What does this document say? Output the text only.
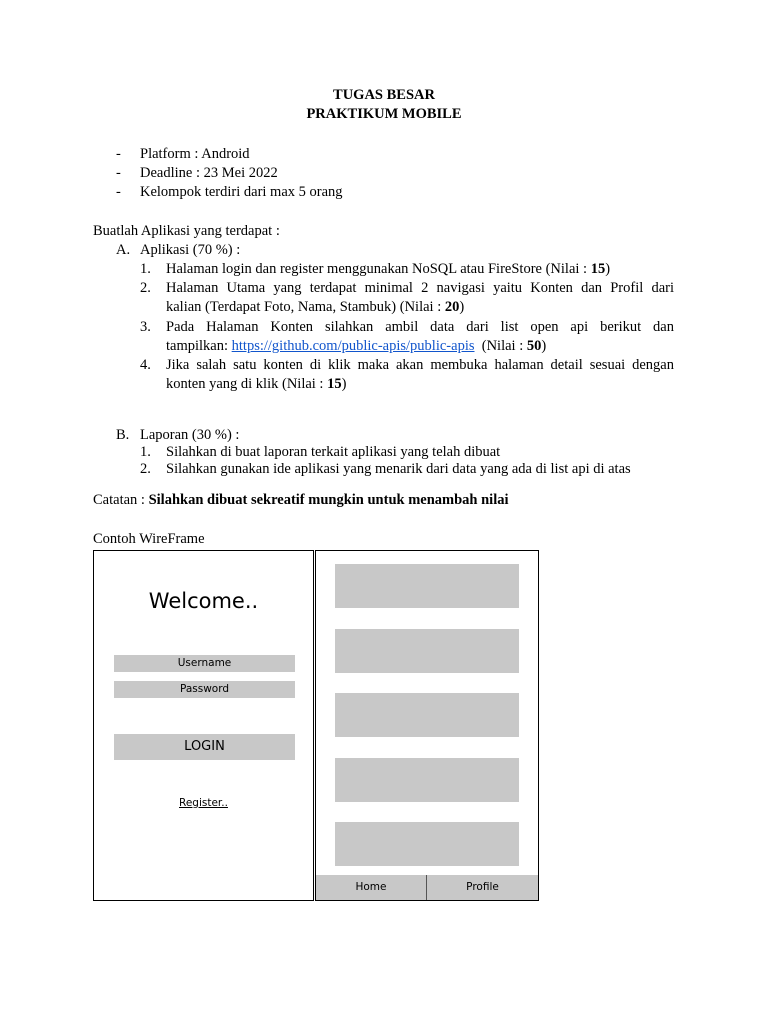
TUGAS BESAR
PRAKTIKUM MOBILE
- Platform : Android
- Deadline : 23 Mei 2022
- Kelompok terdiri dari max 5 orang
Buatlah Aplikasi yang terdapat :
A. Aplikasi (70 %) :
1. Halaman login dan register menggunakan NoSQL atau FireStore (Nilai : 15)
2. Halaman Utama yang terdapat minimal 2 navigasi yaitu Konten dan Profil dari
kalian (Terdapat Foto, Nama, Stambuk) (Nilai : 20)
3. Pada Halaman Konten silahkan ambil data dari list open api berikut dan
tampilkan: https://github.com/public-apis/public-apis  (Nilai : 50)
4. Jika salah satu konten di klik maka akan membuka halaman detail sesuai dengan
konten yang di klik (Nilai : 15)
B. Laporan (30 %) :
1. Silahkan di buat laporan terkait aplikasi yang telah dibuat
2. Silahkan gunakan ide aplikasi yang menarik dari data yang ada di list api di atas
Catatan : Silahkan dibuat sekreatif mungkin untuk menambah nilai
Contoh WireFrame
Welcome..
Username
Password
LOGIN
Register..
Home	Profile
